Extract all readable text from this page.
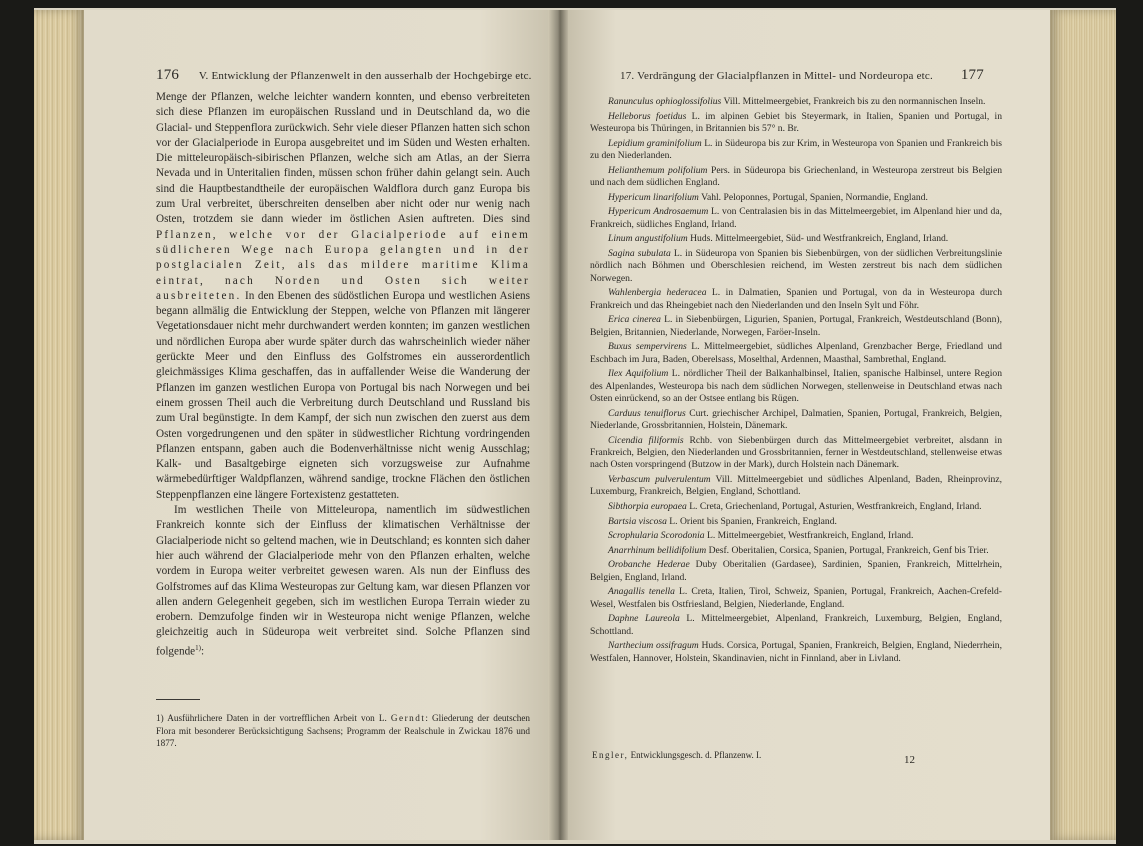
176 V. Entwicklung der Pflanzenwelt in den ausserhalb der Hochgebirge etc.

Menge der Pflanzen, welche leichter wandern konnten, und ebenso verbreiteten sich diese Pflanzen im europäischen Russland und in Deutschland da, wo die Glacial- und Steppenflora zurückwich. Sehr viele dieser Pflanzen hatten sich schon vor der Glacialperiode in Europa ausgebreitet und im Süden und Westen erhalten. Die mitteleuropäisch-sibirischen Pflanzen, welche sich am Atlas, an der Sierra Nevada und in Unteritalien finden, müssen schon früher dahin gelangt sein. Auch sind die Hauptbestandtheile der europäischen Waldflora durch ganz Europa bis zum Ural verbreitet, überschreiten denselben aber nicht oder nur wenig nach Osten, trotzdem sie dann wieder im östlichen Asien auftreten. Dies sind Pflanzen, welche vor der Glacialperiode auf einem südlicheren Wege nach Europa gelangten und in der postglacialen Zeit, als das mildere maritime Klima eintrat, nach Norden und Osten sich weiter ausbreiteten. In den Ebenen des südöstlichen Europa und westlichen Asiens begann allmälig die Entwicklung der Steppen, welche von Pflanzen mit längerer Vegetationsdauer nicht mehr durchwandert werden konnten; im ganzen westlichen und nördlichen Europa aber wurde später durch das wahrscheinlich wieder näher gerückte Meer und den Einfluss des Golfstromes ein ausserordentlich gleichmässiges Klima geschaffen, das in auffallender Weise die Wanderung der Pflanzen im ganzen westlichen Europa von Portugal bis nach Norwegen und bei einem grossen Theil auch die Verbreitung durch Deutschland und Russland bis zum Ural begünstigte. In dem Kampf, der sich nun zwischen den zuerst aus dem Osten vorgedrungenen und den später in südwestlicher Richtung vordringenden Pflanzen entspann, gaben auch die Bodenverhältnisse nicht wenig Ausschlag; Kalk- und Basaltgebirge eigneten sich vorzugsweise zur Aufnahme wärmebedürftiger Waldpflanzen, während sandige, trockne Flächen den östlichen Steppenpflanzen eine längere Fortexistenz gestatteten.

Im westlichen Theile von Mitteleuropa, namentlich im südwestlichen Frankreich konnte sich der Einfluss der klimatischen Verhältnisse der Glacialperiode nicht so geltend machen, wie in Deutschland; es konnten sich daher hier auch während der Glacialperiode mehr von den Pflanzen erhalten, welche vordem in Europa weiter verbreitet gewesen waren. Als nun der Einfluss des Golfstromes auf das Klima Westeuropas zur Geltung kam, war diesen Pflanzen vor allen andern Gelegenheit gegeben, sich im westlichen Europa Terrain wieder zu erobern. Demzufolge finden wir in Westeuropa nicht wenige Pflanzen, welche gleichzeitig auch in Südeuropa weit verbreitet sind. Solche Pflanzen sind folgende$^{1)}$:

1) Ausführlichere Daten in der vortrefflichen Arbeit von L. Gerndt: Gliederung der deutschen Flora mit besonderer Berücksichtigung Sachsens; Programm der Realschule in Zwickau 1876 und 1877.
17. Verdrängung der Glacialpflanzen in Mittel- und Nordeuropa etc. 177

Ranunculus ophioglossifolius Vill. Mittelmeergebiet, Frankreich bis zu den normannischen Inseln.

Helleborus foetidus L. im alpinen Gebiet bis Steyermark, in Italien, Spanien und Portugal, in Westeuropa bis Thüringen, in Britannien bis 57° n. Br.

Lepidium graminifolium L. in Südeuropa bis zur Krim, in Westeuropa von Spanien und Frankreich bis zu den Niederlanden.

Helianthemum polifolium Pers. in Südeuropa bis Griechenland, in Westeuropa zerstreut bis Belgien und nach dem südlichen England.

Hypericum linarifolium Vahl. Peloponnes, Portugal, Spanien, Normandie, England.

Hypericum Androsaemum L. von Centralasien bis in das Mittelmeergebiet, im Alpenland hier und da, Frankreich, südliches England, Irland.

Linum angustifolium Huds. Mittelmeergebiet, Süd- und Westfrankreich, England, Irland.

Sagina subulata L. in Südeuropa von Spanien bis Siebenbürgen, von der südlichen Verbreitungslinie nördlich nach Böhmen und Oberschlesien reichend, im Westen zerstreut bis nach dem südlichen Norwegen.

Wahlenbergia hederacea L. in Dalmatien, Spanien und Portugal, von da in Westeuropa durch Frankreich und das Rheingebiet nach den Niederlanden und den Inseln Sylt und Föhr.

Erica cinerea L. in Siebenbürgen, Ligurien, Spanien, Portugal, Frankreich, Westdeutschland (Bonn), Belgien, Britannien, Niederlande, Norwegen, Faröer-Inseln.

Buxus sempervirens L. Mittelmeergebiet, südliches Alpenland, Grenzbacher Berge, Friedland und Eschbach im Jura, Baden, Oberelsass, Moselthal, Ardennen, Maasthal, Sambrethal, England.

Ilex Aquifolium L. nördlicher Theil der Balkanhalbinsel, Italien, spanische Halbinsel, untere Region des Alpenlandes, Westeuropa bis nach dem südlichen Norwegen, stellenweise in Deutschland etwas nach Osten einrückend, so an der Ostsee entlang bis Rügen.

Carduus tenuiflorus Curt. griechischer Archipel, Dalmatien, Spanien, Portugal, Frankreich, Belgien, Niederlande, Grossbritannien, Holstein, Dänemark.

Cicendia filiformis Rchb. von Siebenbürgen durch das Mittelmeergebiet verbreitet, alsdann in Frankreich, Belgien, den Niederlanden und Grossbritannien, ferner in Westdeutschland, stellenweise etwas nach Osten vorspringend (Butzow in der Mark), durch Holstein nach Dänemark.

Verbascum pulverulentum Vill. Mittelmeergebiet und südliches Alpenland, Baden, Rheinprovinz, Luxemburg, Frankreich, Belgien, England, Schottland.

Sibthorpia europaea L. Creta, Griechenland, Portugal, Asturien, Westfrankreich, England, Irland.

Bartsia viscosa L. Orient bis Spanien, Frankreich, England.

Scrophularia Scorodonia L. Mittelmeergebiet, Westfrankreich, England, Irland.

Anarrhinum bellidifolium Desf. Oberitalien, Corsica, Spanien, Portugal, Frankreich, Genf bis Trier.

Orobanche Hederae Duby Oberitalien (Gardasee), Sardinien, Spanien, Frankreich, Mittelrhein, Belgien, England, Irland.

Anagallis tenella L. Creta, Italien, Tirol, Schweiz, Spanien, Portugal, Frankreich, Aachen-Crefeld-Wesel, Westfalen bis Ostfriesland, Belgien, Niederlande, England.

Daphne Laureola L. Mittelmeergebiet, Alpenland, Frankreich, Luxemburg, Belgien, England, Schottland.

Narthecium ossifragum Huds. Corsica, Portugal, Spanien, Frankreich, Belgien, England, Niederrhein, Westfalen, Hannover, Holstein, Skandinavien, nicht in Finnland, aber in Livland.

Engler, Entwicklungsgesch. d. Pflanzenw. I.	12
